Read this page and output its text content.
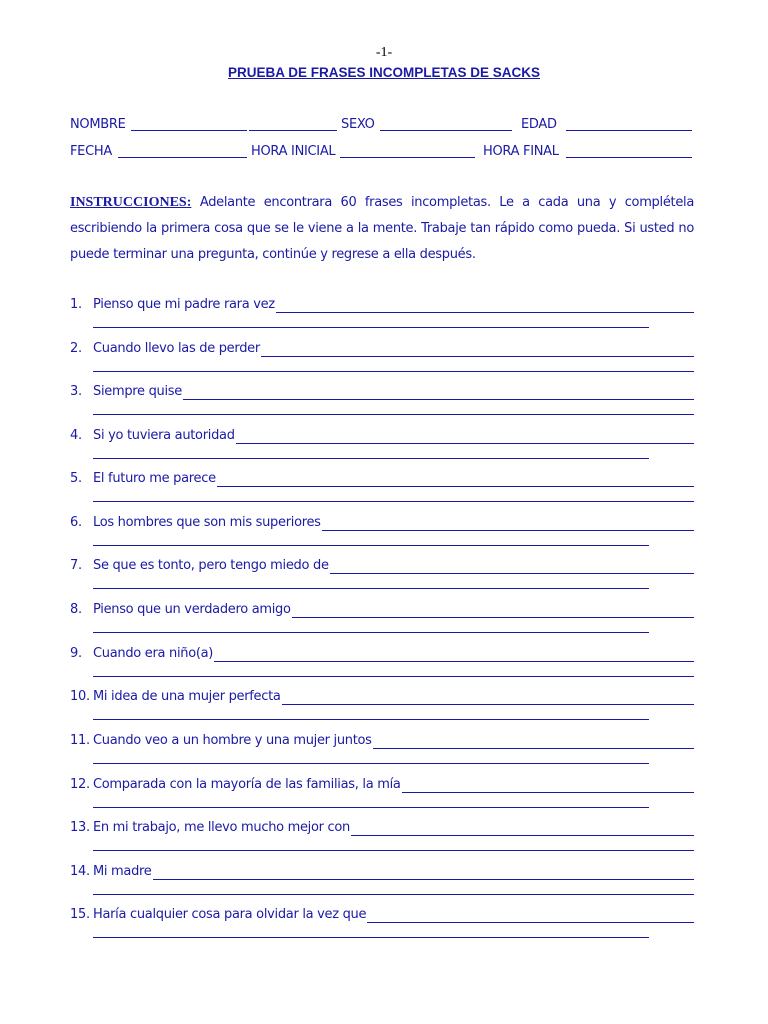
-1-
PRUEBA DE FRASES INCOMPLETAS DE SACKS
NOMBRE	SEXO	EDAD
FECHA	HORA INICIAL	HORA FINAL

INSTRUCCIONES: Adelante encontrara 60 frases incompletas. Le a cada una y complétela escribiendo la primera cosa que se le viene a la mente. Trabaje tan rápido como pueda. Si usted no puede terminar una pregunta, continúe y regrese a ella después.

1. Pienso que mi padre rara vez
2. Cuando llevo las de perder
3. Siempre quise
4. Si yo tuviera autoridad
5. El futuro me parece
6. Los hombres que son mis superiores
7. Se que es tonto, pero tengo miedo de
8. Pienso que un verdadero amigo
9. Cuando era niño(a)
10. Mi idea de una mujer perfecta
11. Cuando veo a un hombre y una mujer juntos
12. Comparada con la mayoría de las familias, la mía
13. En mi trabajo, me llevo mucho mejor con
14. Mi madre
15. Haría cualquier cosa para olvidar la vez que
